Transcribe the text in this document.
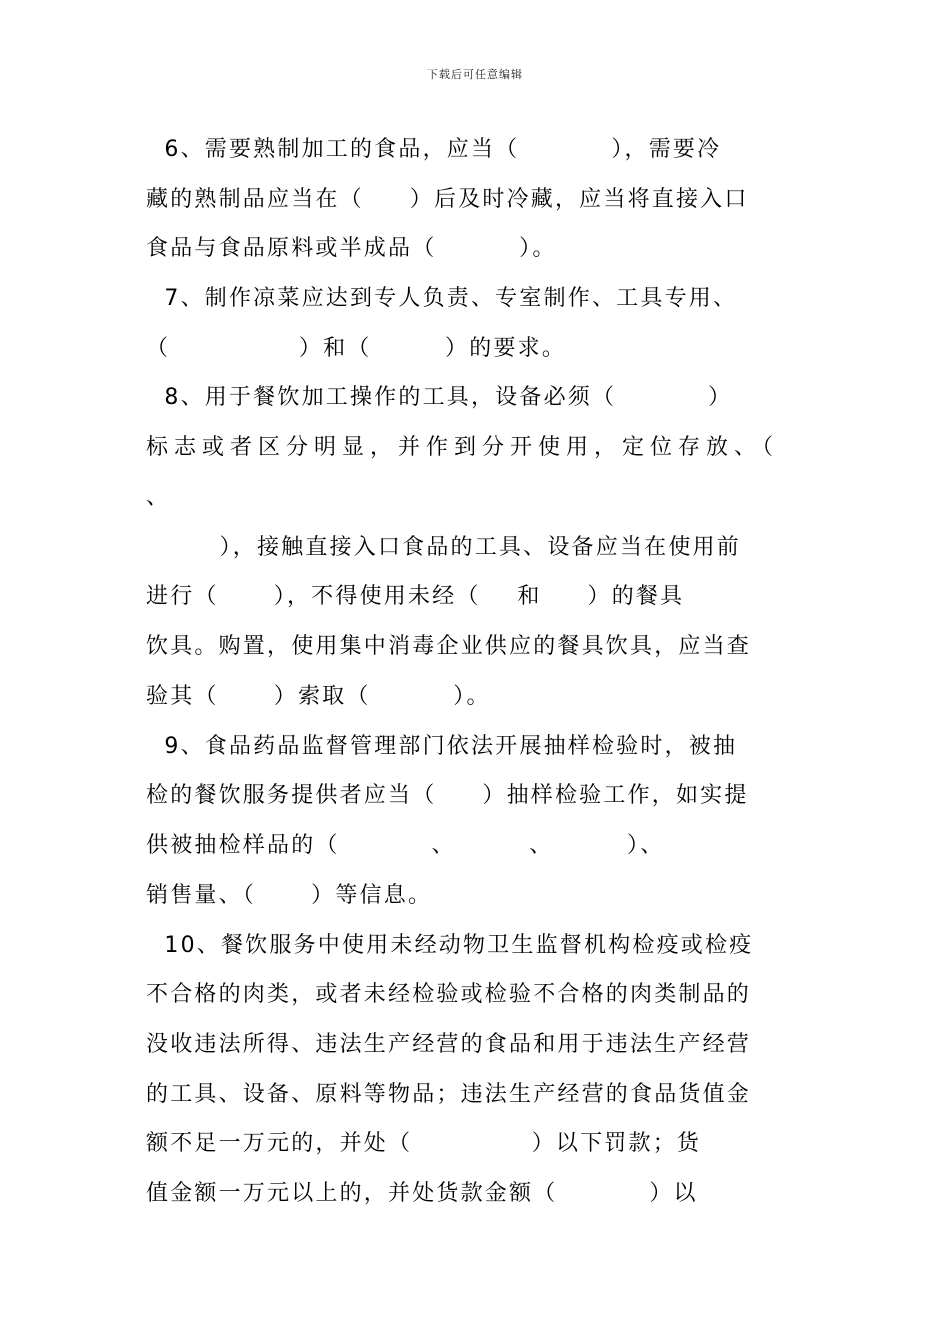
下载后可任意编辑
6、需要熟制加工的食品，应当（          ），需要冷
藏的熟制品应当在（     ）后及时冷藏，应当将直接入口
食品与食品原料或半成品（         ）。
7、制作凉菜应达到专人负责、专室制作、工具专用、
（              ）和（        ）的要求。
8、用于餐饮加工操作的工具，设备必须（          ）
标志或者区分明显，并作到分开使用，定位存放、（
、
），接触直接入口食品的工具、设备应当在使用前
进行（      ），不得使用未经（    和     ）的餐具
饮具。购置，使用集中消毒企业供应的餐具饮具，应当查
验其（      ）索取（         ）。
9、食品药品监督管理部门依法开展抽样检验时，被抽
检的餐饮服务提供者应当（     ）抽样检验工作，如实提
供被抽检样品的（          、        、        ）、
销售量、（      ）等信息。
10、餐饮服务中使用未经动物卫生监督机构检疫或检疫
不合格的肉类，或者未经检验或检验不合格的肉类制品的
没收违法所得、违法生产经营的食品和用于违法生产经营
的工具、设备、原料等物品；违法生产经营的食品货值金
额不足一万元的，并处（             ）以下罚款；货
值金额一万元以上的，并处货款金额（          ）以
